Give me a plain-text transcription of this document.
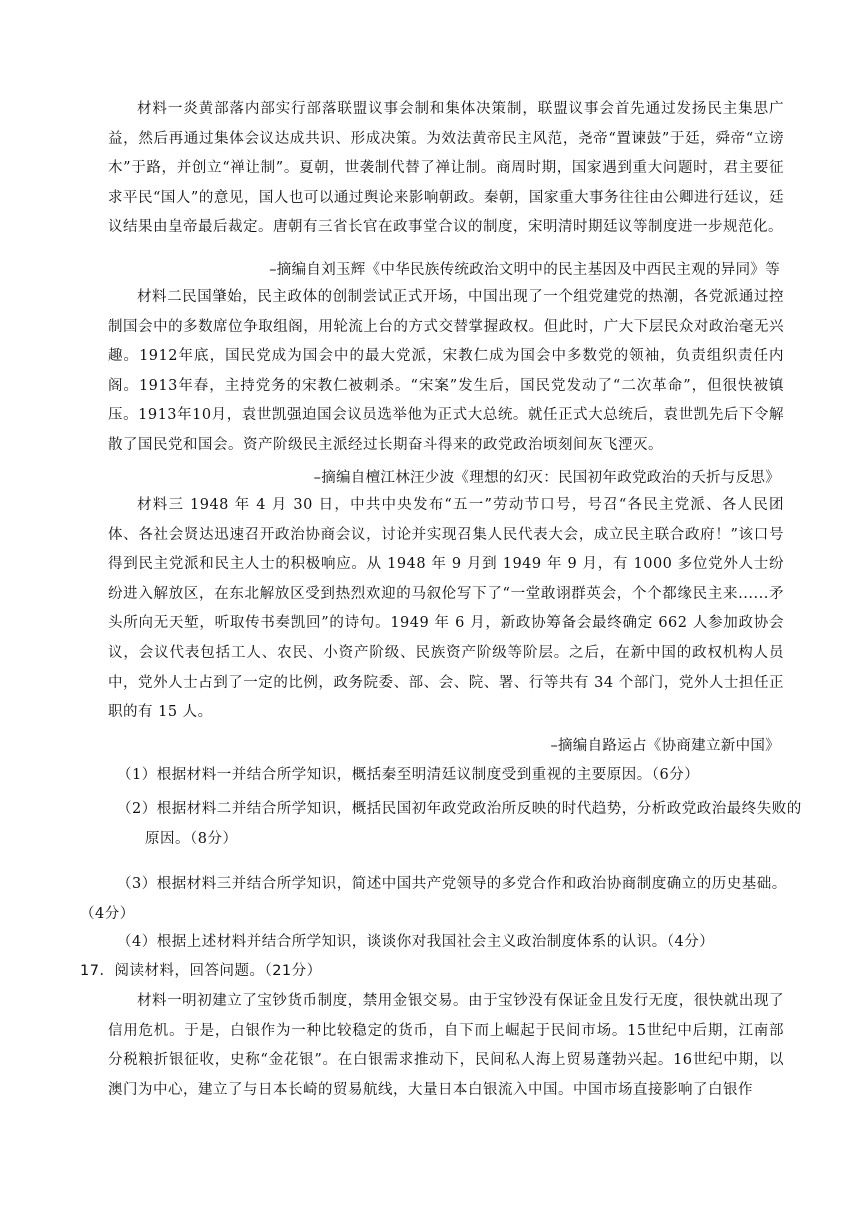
材料一炎黄部落内部实行部落联盟议事会制和集体决策制，联盟议事会首先通过发扬民主集思广益，然后再通过集体会议达成共识、形成决策。为效法黄帝民主风范，尧帝“置谏鼓”于廷，舜帝“立谤木”于路，并创立“禅让制”。夏朝，世袭制代替了禅让制。商周时期，国家遇到重大问题时，君主要征求平民“国人”的意见，国人也可以通过舆论来影响朝政。秦朝，国家重大事务往往由公卿进行廷议，廷议结果由皇帝最后裁定。唐朝有三省长官在政事堂合议的制度，宋明清时期廷议等制度进一步规范化。

–摘编自刘玉辉《中华民族传统政治文明中的民主基因及中西民主观的异同》等

材料二民国肇始，民主政体的创制尝试正式开场，中国出现了一个组党建党的热潮，各党派通过控制国会中的多数席位争取组阁，用轮流上台的方式交替掌握政权。但此时，广大下层民众对政治毫无兴趣。1912年底，国民党成为国会中的最大党派，宋教仁成为国会中多数党的领袖，负责组织责任内阁。1913年春，主持党务的宋教仁被刺杀。“宋案”发生后，国民党发动了“二次革命”，但很快被镇压。1913年10月，袁世凯强迫国会议员选举他为正式大总统。就任正式大总统后，袁世凯先后下令解散了国民党和国会。资产阶级民主派经过长期奋斗得来的政党政治顷刻间灰飞湮灭。

–摘编自檀江林汪少波《理想的幻灭：民国初年政党政治的夭折与反思》

材料三 1948 年 4 月 30 日，中共中央发布“五一”劳动节口号，号召“各民主党派、各人民团体、各社会贤达迅速召开政治协商会议，讨论并实现召集人民代表大会，成立民主联合政府！”该口号得到民主党派和民主人士的积极响应。从 1948 年 9 月到 1949 年 9 月，有 1000 多位党外人士纷纷进入解放区，在东北解放区受到热烈欢迎的马叙伦写下了“一堂敢诩群英会，个个都缘民主来......矛头所向无天堑，听取传书奏凯回”的诗句。1949 年 6 月，新政协筹备会最终确定 662 人参加政协会议，会议代表包括工人、农民、小资产阶级、民族资产阶级等阶层。之后，在新中国的政权机构人员中，党外人士占到了一定的比例，政务院委、部、会、院、署、行等共有 34 个部门，党外人士担任正职的有 15 人。

–摘编自路运占《协商建立新中国》

（1）根据材料一并结合所学知识，概括秦至明清廷议制度受到重视的主要原因。（6分）

（2）根据材料二并结合所学知识，概括民国初年政党政治所反映的时代趋势，分析政党政治最终失败的原因。（8分）

（3）根据材料三并结合所学知识，简述中国共产党领导的多党合作和政治协商制度确立的历史基础。（4分）

（4）根据上述材料并结合所学知识，谈谈你对我国社会主义政治制度体系的认识。（4分）

17．阅读材料，回答问题。（21分）

材料一明初建立了宝钞货币制度，禁用金银交易。由于宝钞没有保证金且发行无度，很快就出现了信用危机。于是，白银作为一种比较稳定的货币，自下而上崛起于民间市场。15世纪中后期，江南部分税粮折银征收，史称“金花银”。在白银需求推动下，民间私人海上贸易蓬勃兴起。16世纪中期，以澳门为中心，建立了与日本长崎的贸易航线，大量日本白银流入中国。中国市场直接影响了白银作
